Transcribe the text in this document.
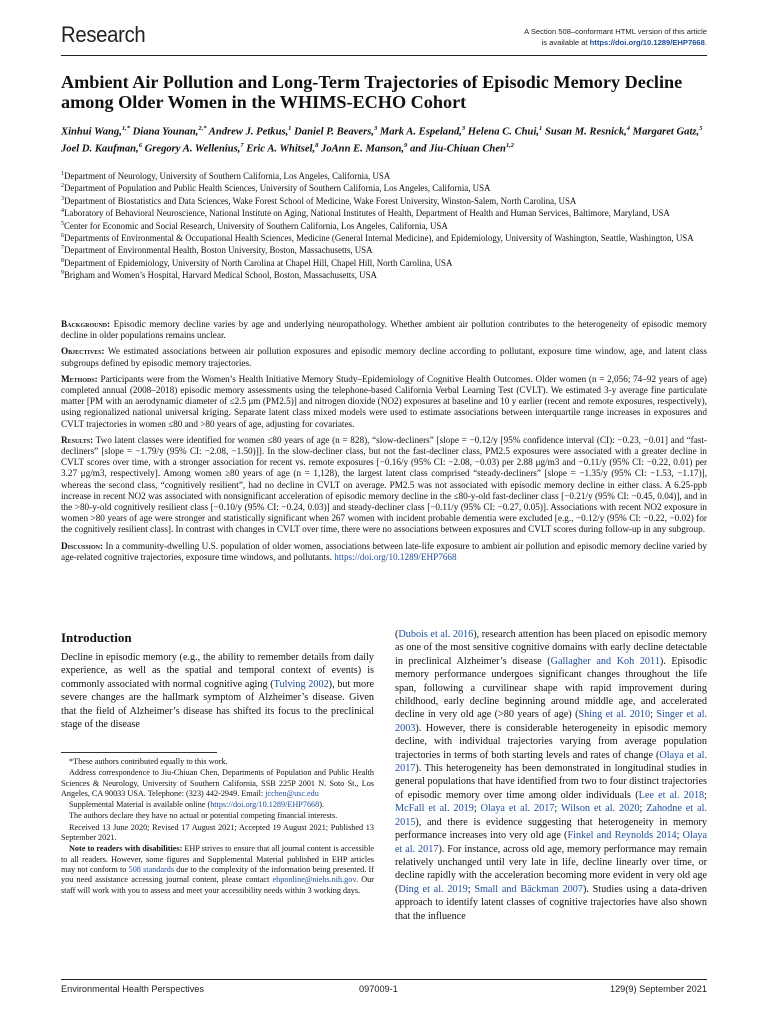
Research	A Section 508–conformant HTML version of this article
is available at https://doi.org/10.1289/EHP7668.
Ambient Air Pollution and Long-Term Trajectories of Episodic Memory Decline among Older Women in the WHIMS-ECHO Cohort
Xinhui Wang,$^{1,*}$ Diana Younan,$^{2,*}$ Andrew J. Petkus,$^1$ Daniel P. Beavers,$^3$ Mark A. Espeland,$^3$ Helena C. Chui,$^1$ Susan M. Resnick,$^4$ Margaret Gatz,$^5$ Joel D. Kaufman,$^6$ Gregory A. Wellenius,$^7$ Eric A. Whitsel,$^8$ JoAnn E. Manson,$^9$ and Jiu-Chiuan Chen$^{1,2}$
$^1$Department of Neurology, University of Southern California, Los Angeles, California, USA
$^2$Department of Population and Public Health Sciences, University of Southern California, Los Angeles, California, USA
$^3$Department of Biostatistics and Data Sciences, Wake Forest School of Medicine, Wake Forest University, Winston-Salem, North Carolina, USA
$^4$Laboratory of Behavioral Neuroscience, National Institute on Aging, National Institutes of Health, Department of Health and Human Services, Baltimore, Maryland, USA
$^5$Center for Economic and Social Research, University of Southern California, Los Angeles, California, USA
$^6$Departments of Environmental & Occupational Health Sciences, Medicine (General Internal Medicine), and Epidemiology, University of Washington, Seattle, Washington, USA
$^7$Department of Environmental Health, Boston University, Boston, Massachusetts, USA
$^8$Department of Epidemiology, University of North Carolina at Chapel Hill, Chapel Hill, North Carolina, USA
$^9$Brigham and Women’s Hospital, Harvard Medical School, Boston, Massachusetts, USA

Background: Episodic memory decline varies by age and underlying neuropathology. Whether ambient air pollution contributes to the heterogeneity of episodic memory decline in older populations remains unclear.

Objectives: We estimated associations between air pollution exposures and episodic memory decline according to pollutant, exposure time window, age, and latent class subgroups defined by episodic memory trajectories.

Methods: Participants were from the Women’s Health Initiative Memory Study–Epidemiology of Cognitive Health Outcomes. Older women (n = 2,056; 74–92 years of age) completed annual (2008–2018) episodic memory assessments using the telephone-based California Verbal Learning Test (CVLT). We estimated 3-y average fine particulate matter [PM with an aerodynamic diameter of ≤2.5 μm (PM2.5)] and nitrogen dioxide (NO2) exposures at baseline and 10 y earlier (recent and remote exposures, respectively), using regionalized national universal kriging. Separate latent class mixed models were used to estimate associations between interquartile range increases in exposures and CVLT trajectories in women ≤80 and >80 years of age, adjusting for covariates.

Results: Two latent classes were identified for women ≤80 years of age (n = 828), “slow-decliners” [slope = −0.12/y [95% confidence interval (CI): −0.23, −0.01] and “fast-decliners” [slope = −1.79/y (95% CI: −2.08, −1.50)]]. In the slow-decliner class, but not the fast-decliner class, PM2.5 exposures were associated with a greater decline in CVLT scores over time, with a stronger association for recent vs. remote exposures [−0.16/y (95% CI: −2.08, −0.03) per 2.88 μg/m3 and −0.11/y (95% CI: −0.22, 0.01) per 3.27 μg/m3, respectively]. Among women ≥80 years of age (n = 1,128), the largest latent class comprised “steady-decliners” [slope = −1.35/y (95% CI: −1.53, −1.17)], whereas the second class, “cognitively resilient”, had no decline in CVLT on average. PM2.5 was not associated with episodic memory decline in either class. A 6.25-ppb increase in recent NO2 was associated with nonsignificant acceleration of episodic memory decline in the ≤80-y-old fast-decliner class [−0.21/y (95% CI: −0.45, 0.04)], and in the >80-y-old cognitively resilient class [−0.10/y (95% CI: −0.24, 0.03)] and steady-decliner class [−0.11/y (95% CI: −0.27, 0.05)]. Associations with recent NO2 exposure in women >80 years of age were stronger and statistically significant when 267 women with incident probable dementia were excluded [e.g., −0.12/y (95% CI: −0.22, −0.02) for the cognitively resilient class]. In contrast with changes in CVLT over time, there were no associations between exposures and CVLT scores during follow-up in any subgroup.

Discussion: In a community-dwelling U.S. population of older women, associations between late-life exposure to ambient air pollution and episodic memory decline varied by age-related cognitive trajectories, exposure time windows, and pollutants. https://doi.org/10.1289/EHP7668

Introduction

Decline in episodic memory (e.g., the ability to remember details from daily experience, as well as the spatial and temporal context of events) is commonly associated with normal cognitive aging (Tulving 2002), but more severe changes are the hallmark symptom of Alzheimer’s disease. Given that the field of Alzheimer’s disease has shifted its focus to the preclinical stage of the disease

*These authors contributed equally to this work.

Address correspondence to Jiu-Chiuan Chen, Departments of Population and Public Health Sciences & Neurology, University of Southern California, SSB 225P 2001 N. Soto St., Los Angeles, CA 90033 USA. Telephone: (323) 442-2949. Email: jcchen@usc.edu

Supplemental Material is available online (https://doi.org/10.1289/EHP7668).

The authors declare they have no actual or potential competing financial interests.

Received 13 June 2020; Revised 17 August 2021; Accepted 19 August 2021; Published 13 September 2021.

Note to readers with disabilities: EHP strives to ensure that all journal content is accessible to all readers. However, some figures and Supplemental Material published in EHP articles may not conform to 508 standards due to the complexity of the information being presented. If you need assistance accessing journal content, please contact ehponline@niehs.nih.gov. Our staff will work with you to assess and meet your accessibility needs within 3 working days.

(Dubois et al. 2016), research attention has been placed on episodic memory as one of the most sensitive cognitive domains with early decline detectable in preclinical Alzheimer’s disease (Gallagher and Koh 2011). Episodic memory performance undergoes significant changes throughout the life span, following a curvilinear shape with rapid improvement during childhood, early decline beginning around middle age, and accelerated decline in very old age (>80 years of age) (Shing et al. 2010; Singer et al. 2003). However, there is considerable heterogeneity in episodic memory decline, with individual trajectories varying from average population trajectories in terms of both starting levels and rates of change (Olaya et al. 2017). This heterogeneity has been demonstrated in longitudinal studies in general populations that have identified from two to four distinct trajectories of episodic memory over time among older individuals (Lee et al. 2018; McFall et al. 2019; Olaya et al. 2017; Wilson et al. 2020; Zahodne et al. 2015), and there is evidence suggesting that heterogeneity in memory performance increases into very old age (Finkel and Reynolds 2014; Olaya et al. 2017). For instance, across old age, memory performance may remain relatively unchanged until very late in life, decline linearly over time, or decline rapidly with the acceleration becoming more evident in very old age (Ding et al. 2019; Small and Bäckman 2007). Studies using a data-driven approach to identify latent classes of cognitive trajectories have also shown that the influence
Environmental Health Perspectives	097009-1	129(9) September 2021
